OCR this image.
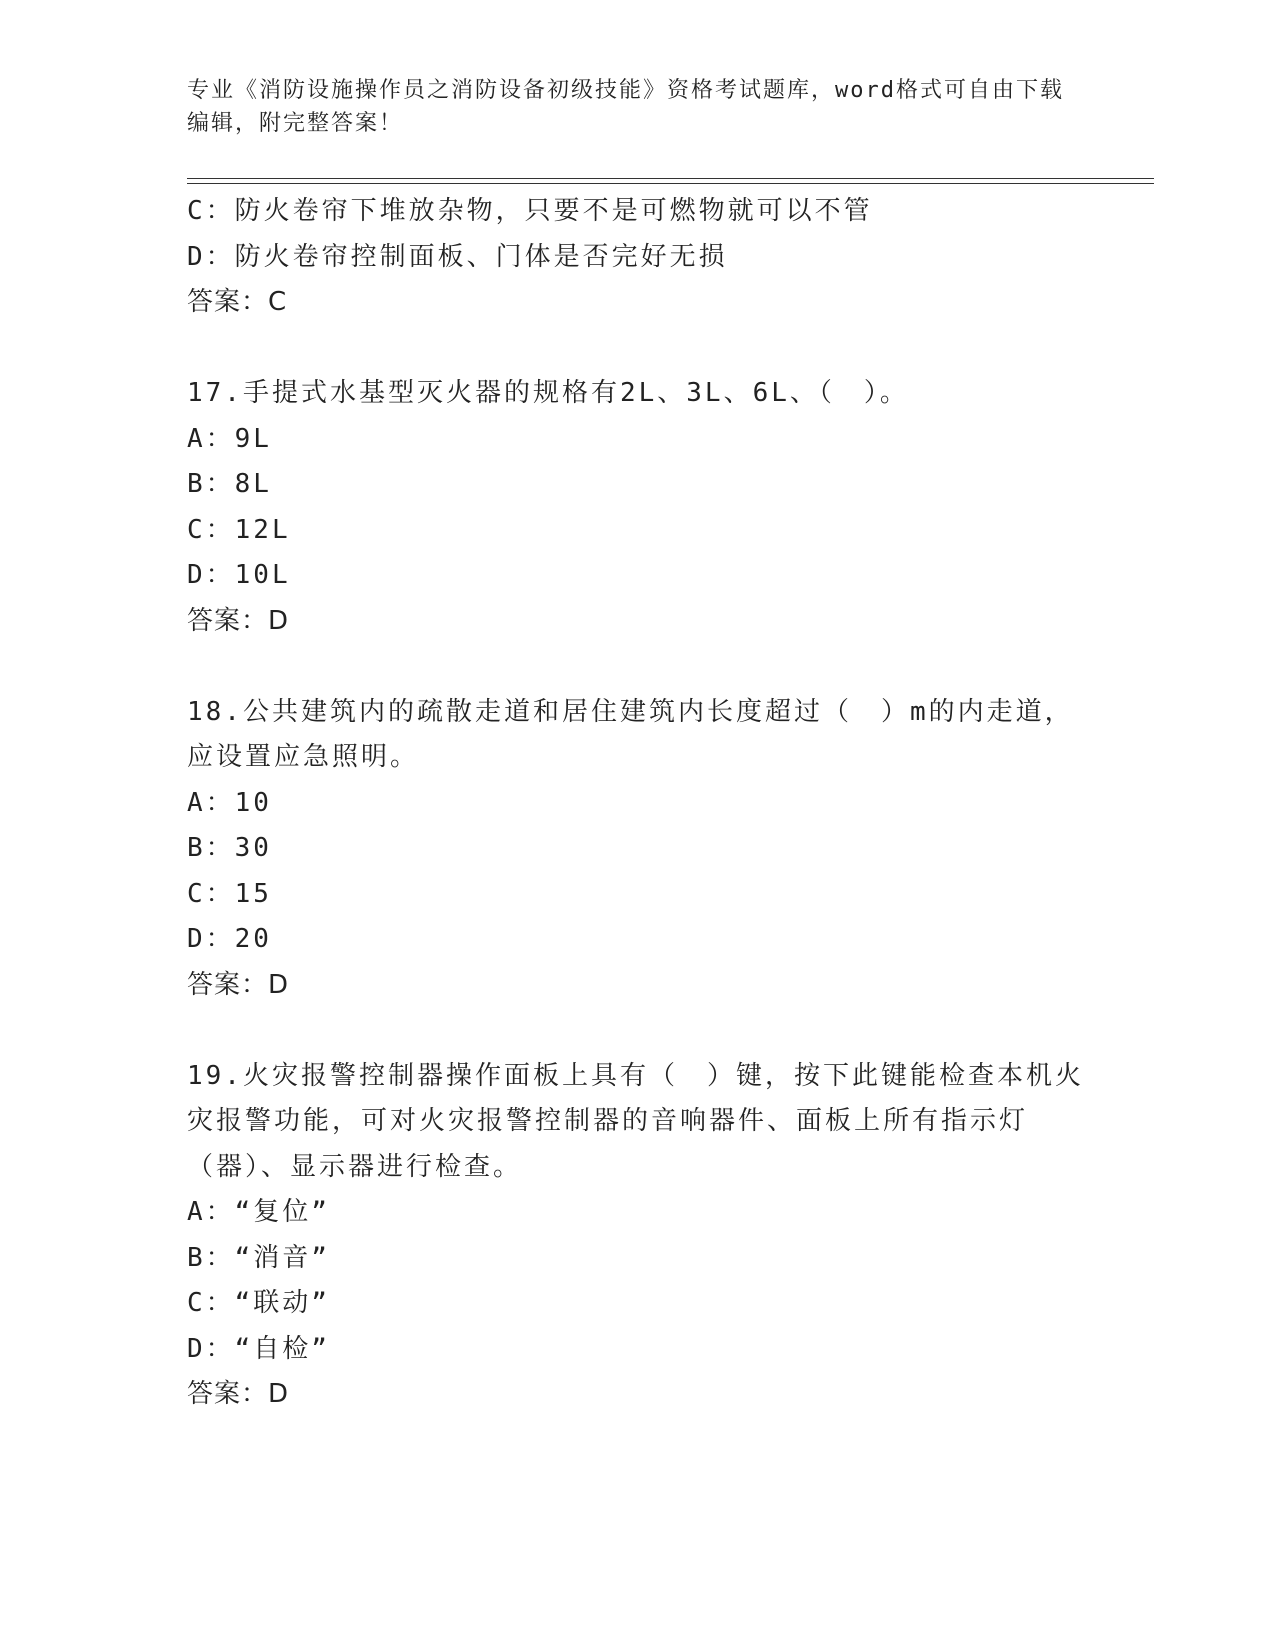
专业《消防设施操作员之消防设备初级技能》资格考试题库，word格式可自由下载编辑，附完整答案！
C：防火卷帘下堆放杂物，只要不是可燃物就可以不管
D：防火卷帘控制面板、门体是否完好无损
答案：C
17.手提式水基型灭火器的规格有2L、3L、6L、（　）。
A：9L
B：8L
C：12L
D：10L
答案：D
18.公共建筑内的疏散走道和居住建筑内长度超过（　）m的内走道，应设置应急照明。
A：10
B：30
C：15
D：20
答案：D
19.火灾报警控制器操作面板上具有（　）键，按下此键能检查本机火灾报警功能，可对火灾报警控制器的音响器件、面板上所有指示灯（器）、显示器进行检查。
A：“复位”
B：“消音”
C：“联动”
D：“自检”
答案：D
